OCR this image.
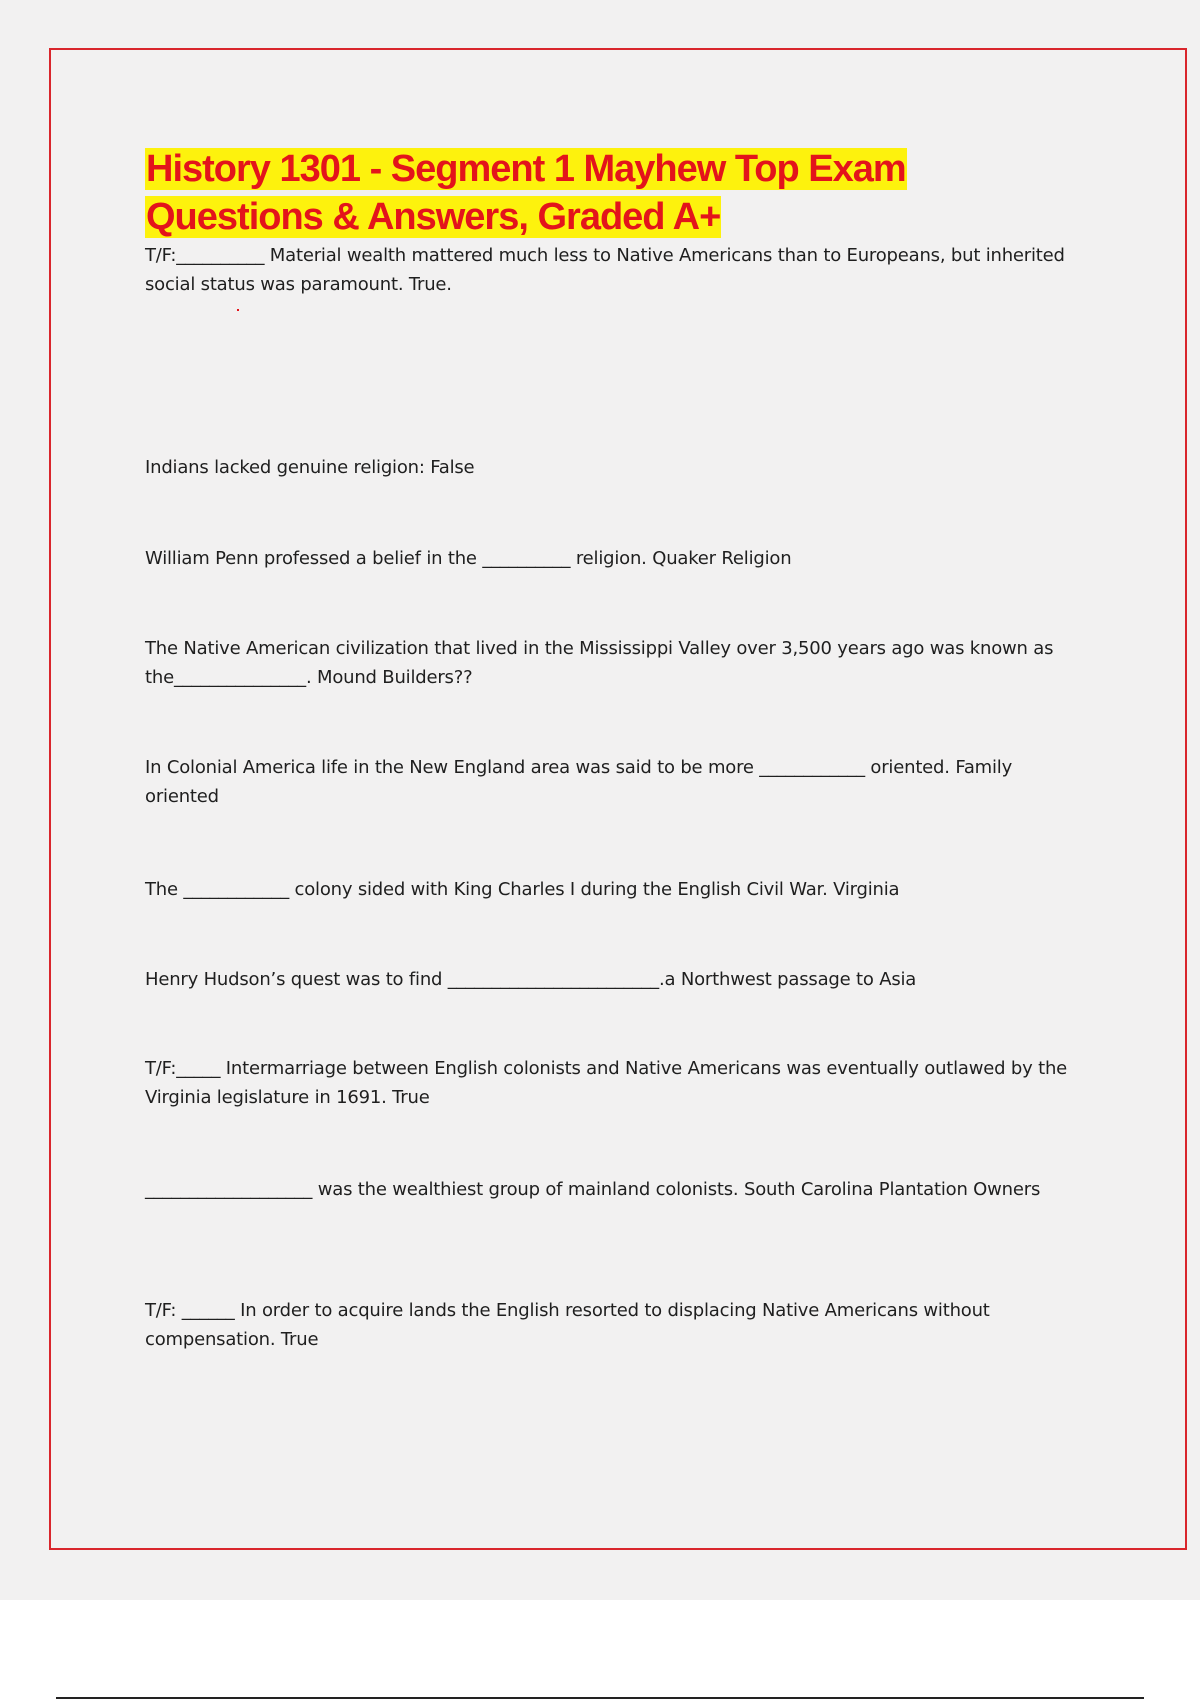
History 1301 - Segment 1 Mayhew Top Exam
Questions & Answers, Graded A+

T/F:__________ Material wealth mattered much less to Native Americans than to Europeans, but inherited social status was paramount. True.

Indians lacked genuine religion: False

William Penn professed a belief in the __________ religion. Quaker Religion

The Native American civilization that lived in the Mississippi Valley over 3,500 years ago was known as the_______________. Mound Builders??

In Colonial America life in the New England area was said to be more ____________ oriented. Family oriented

The ____________ colony sided with King Charles I during the English Civil War. Virginia

Henry Hudson’s quest was to find ________________________.a Northwest passage to Asia

T/F:_____ Intermarriage between English colonists and Native Americans was eventually outlawed by the Virginia legislature in 1691. True

___________________ was the wealthiest group of mainland colonists. South Carolina Plantation Owners

T/F: ______ In order to acquire lands the English resorted to displacing Native Americans without compensation. True
